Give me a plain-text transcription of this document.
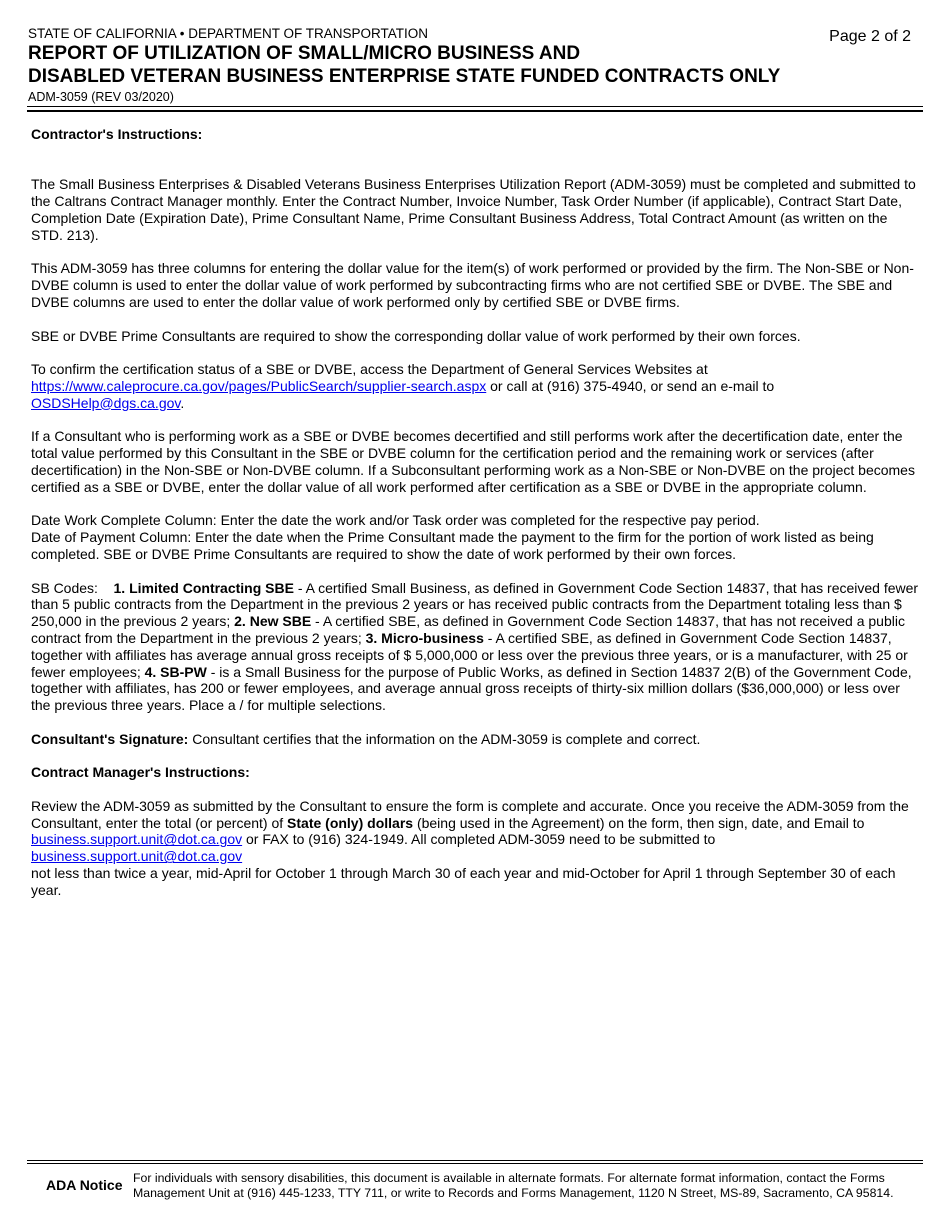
STATE OF CALIFORNIA • DEPARTMENT OF TRANSPORTATION
REPORT OF UTILIZATION OF SMALL/MICRO BUSINESS AND
DISABLED VETERAN BUSINESS ENTERPRISE STATE FUNDED CONTRACTS ONLY
ADM-3059 (REV 03/2020)
Page 2 of 2

Contractor's Instructions:

The Small Business Enterprises & Disabled Veterans Business Enterprises Utilization Report (ADM-3059) must be completed and submitted to the Caltrans Contract Manager monthly. Enter the Contract Number, Invoice Number, Task Order Number (if applicable), Contract Start Date, Completion Date (Expiration Date), Prime Consultant Name, Prime Consultant Business Address, Total Contract Amount (as written on the STD. 213).

This ADM-3059 has three columns for entering the dollar value for the item(s) of work performed or provided by the firm. The Non-SBE or Non-DVBE column is used to enter the dollar value of work performed by subcontracting firms who are not certified SBE or DVBE. The SBE and DVBE columns are used to enter the dollar value of work performed only by certified SBE or DVBE firms.

SBE or DVBE Prime Consultants are required to show the corresponding dollar value of work performed by their own forces.

To confirm the certification status of a SBE or DVBE, access the Department of General Services Websites at
https://www.caleprocure.ca.gov/pages/PublicSearch/supplier-search.aspx or call at (916) 375-4940, or send an e-mail to OSDSHelp@dgs.ca.gov.

If a Consultant who is performing work as a SBE or DVBE becomes decertified and still performs work after the decertification date, enter the total value performed by this Consultant in the SBE or DVBE column for the certification period and the remaining work or services (after decertification) in the Non-SBE or Non-DVBE column. If a Subconsultant performing work as a Non-SBE or Non-DVBE on the project becomes certified as a SBE or DVBE, enter the dollar value of all work performed after certification as a SBE or DVBE in the appropriate column.

Date Work Complete Column: Enter the date the work and/or Task order was completed for the respective pay period.

Date of Payment Column: Enter the date when the Prime Consultant made the payment to the firm for the portion of work listed as being completed. SBE or DVBE Prime Consultants are required to show the date of work performed by their own forces.

SB Codes: 1. Limited Contracting SBE - A certified Small Business, as defined in Government Code Section 14837, that has received fewer than 5 public contracts from the Department in the previous 2 years or has received public contracts from the Department totaling less than $ 250,000 in the previous 2 years; 2. New SBE - A certified SBE, as defined in Government Code Section 14837, that has not received a public contract from the Department in the previous 2 years; 3. Micro-business - A certified SBE, as defined in Government Code Section 14837, together with affiliates has average annual gross receipts of $ 5,000,000 or less over the previous three years, or is a manufacturer, with 25 or fewer employees; 4. SB-PW - is a Small Business for the purpose of Public Works, as defined in Section 14837 2(B) of the Government Code, together with affiliates, has 200 or fewer employees, and average annual gross receipts of thirty-six million dollars ($36,000,000) or less over the previous three years. Place a / for multiple selections.

Consultant's Signature: Consultant certifies that the information on the ADM-3059 is complete and correct.

Contract Manager's Instructions:

Review the ADM-3059 as submitted by the Consultant to ensure the form is complete and accurate. Once you receive the ADM-3059 from the Consultant, enter the total (or percent) of State (only) dollars (being used in the Agreement) on the form, then sign, date, and Email to
business.support.unit@dot.ca.gov or FAX to (916) 324-1949. All completed ADM-3059 need to be submitted to business.support.unit@dot.ca.gov
not less than twice a year, mid-April for October 1 through March 30 of each year and mid-October for April 1 through September 30 of each year.

ADA Notice For individuals with sensory disabilities, this document is available in alternate formats. For alternate format information, contact the Forms Management Unit at (916) 445-1233, TTY 711, or write to Records and Forms Management, 1120 N Street, MS-89, Sacramento, CA 95814.
